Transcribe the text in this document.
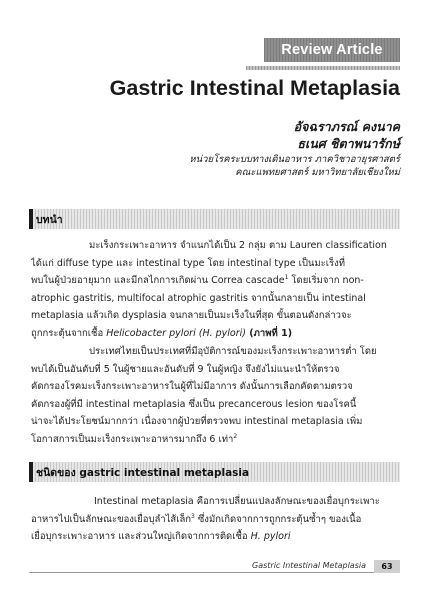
Review Article
Gastric Intestinal Metaplasia
อัจฉราภรณ์ คงนาค
ธเนศ ชิตาพนารักษ์
หน่วยโรคระบบทางเดินอาหาร ภาควิชาอายุรศาสตร์
คณะแพทยศาสตร์ มหาวิทยาลัยเชียงใหม่
บทนำ
มะเร็งกระเพาะอาหาร จำแนกได้เป็น 2 กลุ่ม ตาม Lauren classification
ได้แก่ diffuse type และ intestinal type โดย intestinal type เป็นมะเร็งที่
พบในผู้ป่วยอายุมาก และมีกลไกการเกิดผ่าน Correa cascade$^1$ โดยเริ่มจาก non-
atrophic gastritis, multifocal atrophic gastritis จากนั้นกลายเป็น intestinal
metaplasia แล้วเกิด dysplasia จนกลายเป็นมะเร็งในที่สุด ขั้นตอนดังกล่าวจะ
ถูกกระตุ้นจากเชื้อ Helicobacter pylori (H. pylori) (ภาพที่ 1)
ประเทศไทยเป็นประเทศที่มีอุบัติการณ์ของมะเร็งกระเพาะอาหารต่ำ โดย
พบได้เป็นอันดับที่ 5 ในผู้ชายและอันดับที่ 9 ในผู้หญิง จึงยังไม่แนะนำให้ตรวจ
คัดกรองโรคมะเร็งกระเพาะอาหารในผู้ที่ไม่มีอาการ ดังนั้นการเลือกคัดตามตรวจ
คัดกรองผู้ที่มี intestinal metaplasia ซึ่งเป็น precancerous lesion ของโรคนี้
น่าจะได้ประโยชน์มากกว่า เนื่องจากผู้ป่วยที่ตรวจพบ intestinal metaplasia เพิ่ม
โอกาสการเป็นมะเร็งกระเพาะอาหารมากถึง 6 เท่า$^2$
ชนิดของ gastric intestinal metaplasia
Intestinal metaplasia คือการเปลี่ยนแปลงลักษณะของเยื่อบุกระเพาะ
อาหารไปเป็นลักษณะของเยื่อบุลำไส้เล็ก$^3$ ซึ่งมักเกิดจากการถูกกระตุ้นซ้ำๆ ของเนื้อ
เยื่อบุกระเพาะอาหาร และส่วนใหญ่เกิดจากการติดเชื้อ H. pylori
Gastric Intestinal Metaplasia	63
